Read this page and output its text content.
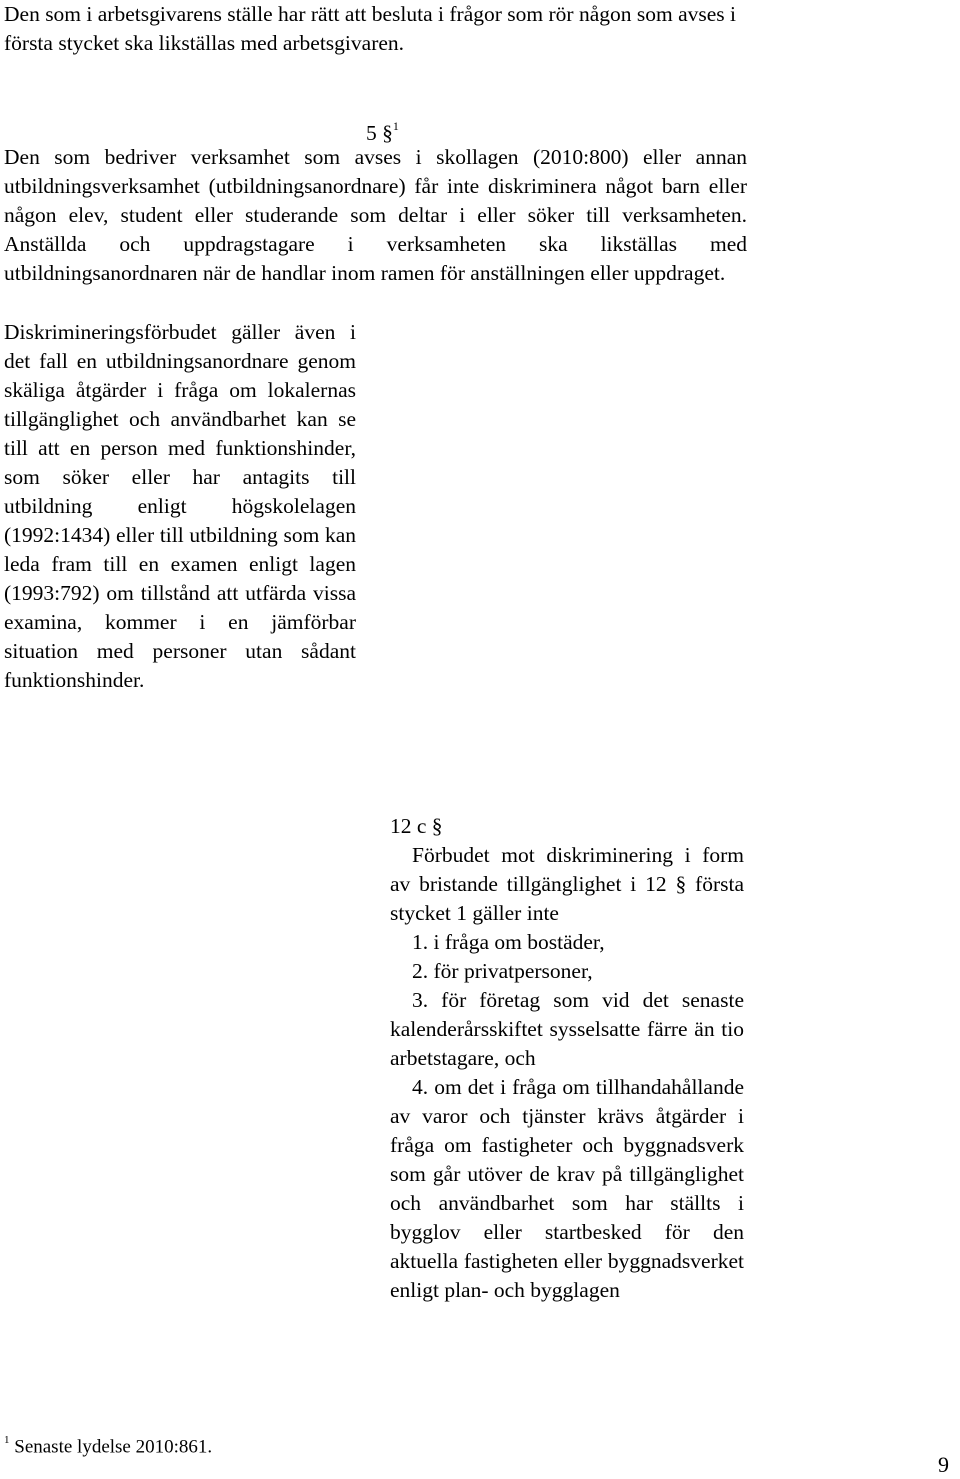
Den som i arbetsgivarens ställe har rätt att besluta i frågor som rör någon som avses i första stycket ska likställas med arbetsgivaren.

5 §$^1$

Den som bedriver verksamhet som avses i skollagen (2010:800) eller annan utbildningsverksamhet (utbildningsanordnare) får inte diskriminera något barn eller någon elev, student eller studerande som deltar i eller söker till verksamheten. Anställda och uppdragstagare i verksamheten ska likställas med utbildningsanordnaren när de handlar inom ramen för anställningen eller uppdraget.

Diskrimineringsförbudet gäller även i det fall en utbildningsanordnare genom skäliga åtgärder i fråga om lokalernas tillgänglighet och användbarhet kan se till att en person med funktionshinder, som söker eller har antagits till utbildning enligt högskolelagen (1992:1434) eller till utbildning som kan leda fram till en examen enligt lagen (1993:792) om tillstånd att utfärda vissa examina, kommer i en jämförbar situation med personer utan sådant funktionshinder.

12 c §

Förbudet mot diskriminering i form av bristande tillgänglighet i 12 § första stycket 1 gäller inte

1. i fråga om bostäder,

2. för privatpersoner,

3. för företag som vid det senaste kalenderårsskiftet sysselsatte färre än tio arbetstagare, och

4. om det i fråga om tillhandahållande av varor och tjänster krävs åtgärder i fråga om fastigheter och byggnadsverk som går utöver de krav på tillgänglighet och användbarhet som har ställts i bygglov eller startbesked för den aktuella fastigheten eller byggnadsverket enligt plan- och bygglagen

$^1$ Senaste lydelse 2010:861.
9
